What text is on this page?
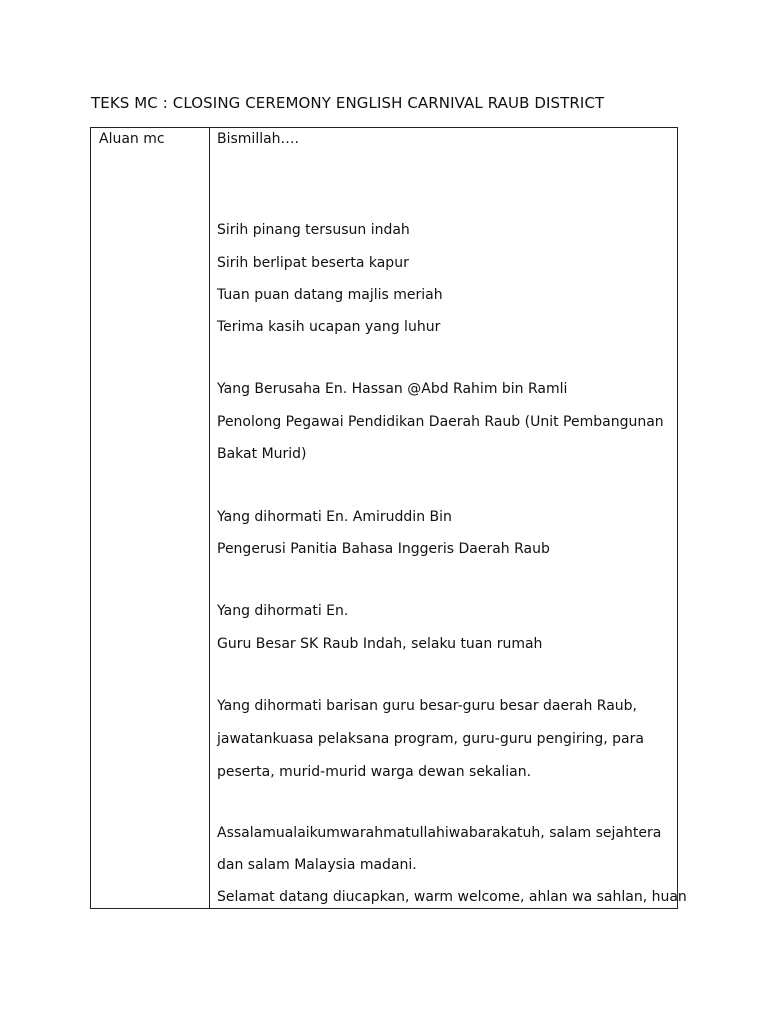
TEKS MC : CLOSING CEREMONY ENGLISH CARNIVAL RAUB DISTRICT
Aluan mc	Bismillah….
Sirih pinang tersusun indah
Sirih berlipat beserta kapur
Tuan puan datang majlis meriah
Terima kasih ucapan yang luhur
Yang Berusaha En. Hassan @Abd Rahim bin Ramli
Penolong Pegawai Pendidikan Daerah Raub (Unit Pembangunan
Bakat Murid)
Yang dihormati En. Amiruddin Bin
Pengerusi Panitia Bahasa Inggeris Daerah Raub
Yang dihormati En.
Guru Besar SK Raub Indah, selaku tuan rumah
Yang dihormati barisan guru besar-guru besar daerah Raub,
jawatankuasa pelaksana program, guru-guru pengiring, para
peserta, murid-murid warga dewan sekalian.
Assalamualaikumwarahmatullahiwabarakatuh, salam sejahtera
dan salam Malaysia madani.
Selamat datang diucapkan, warm welcome, ahlan wa sahlan, huan
